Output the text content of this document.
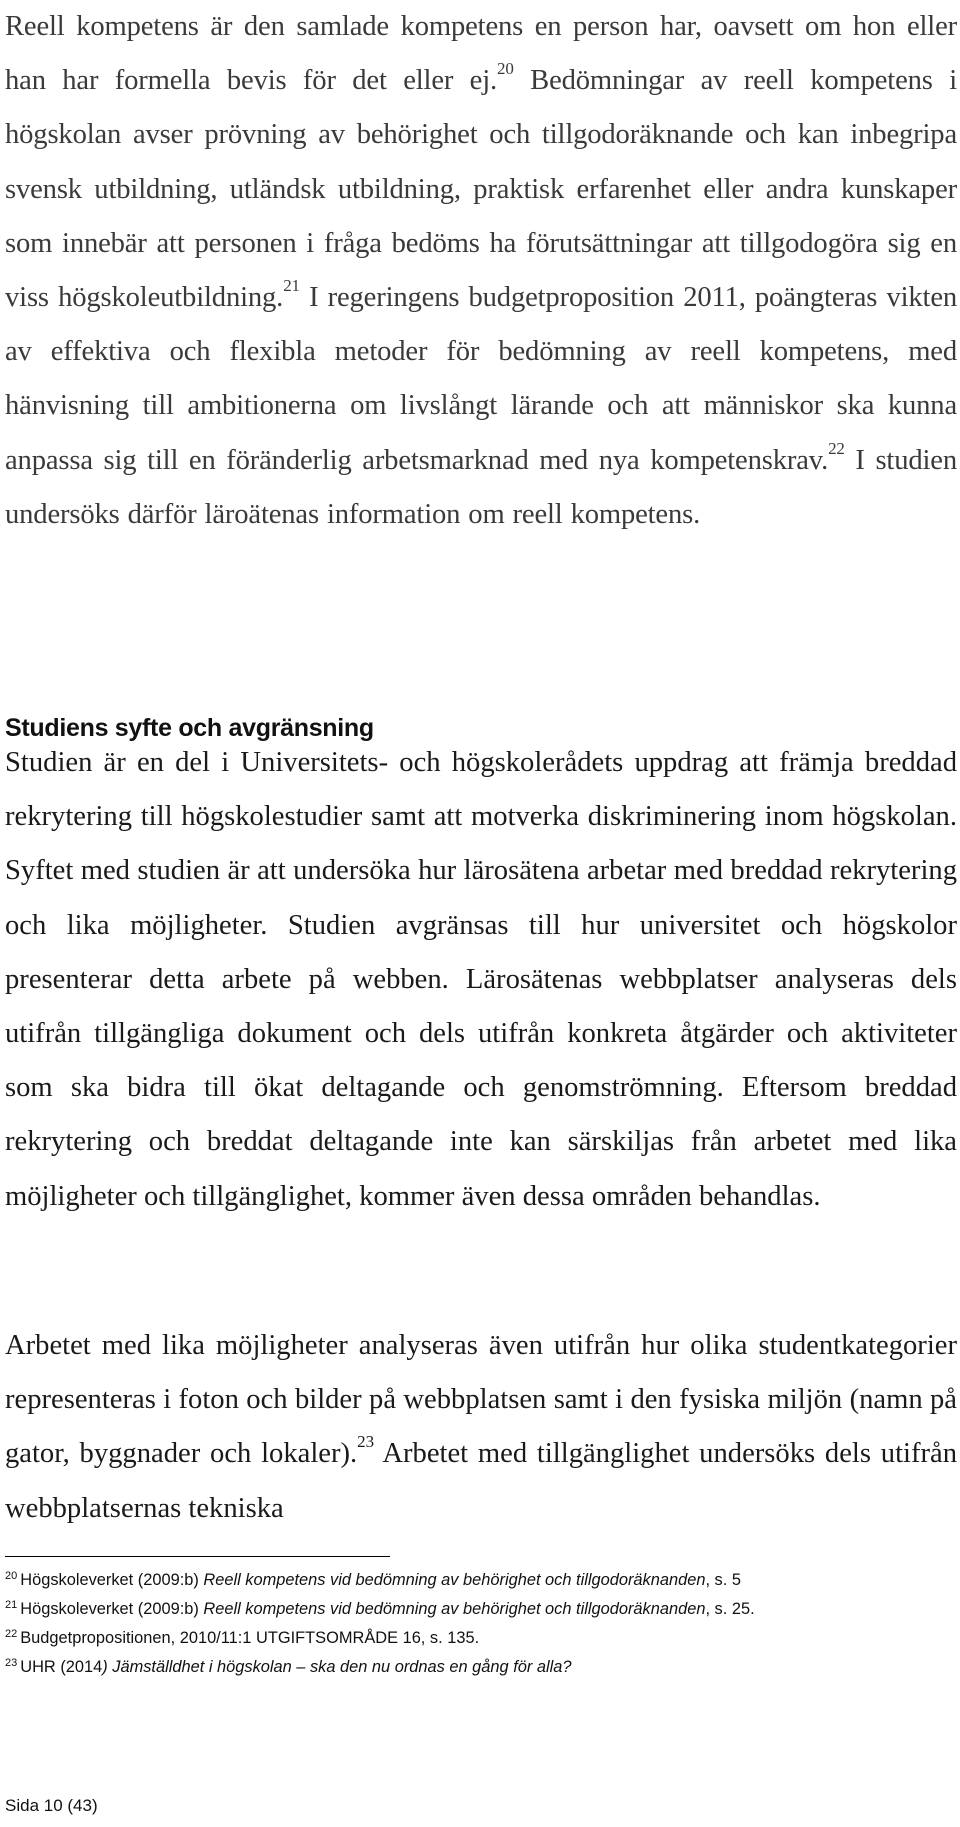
Reell kompetens är den samlade kompetens en person har, oavsett om hon eller han har formella bevis för det eller ej.$^{20}$ Bedömningar av reell kompetens i högskolan avser prövning av behörighet och tillgodoräknande och kan inbegripa svensk utbildning, utländsk utbildning, praktisk erfarenhet eller andra kunskaper som innebär att personen i fråga bedöms ha förutsättningar att tillgodogöra sig en viss högskoleutbildning.$^{21}$ I regeringens budgetproposition 2011, poängteras vikten av effektiva och flexibla metoder för bedömning av reell kompetens, med hänvisning till ambitionerna om livslångt lärande och att människor ska kunna anpassa sig till en föränderlig arbetsmarknad med nya kompetenskrav.$^{22}$ I studien undersöks därför läroätenas information om reell kompetens.

Studiens syfte och avgränsning

Studien är en del i Universitets- och högskolerådets uppdrag att främja breddad rekrytering till högskolestudier samt att motverka diskriminering inom högskolan. Syftet med studien är att undersöka hur lärosätena arbetar med breddad rekrytering och lika möjligheter. Studien avgränsas till hur universitet och högskolor presenterar detta arbete på webben. Lärosätenas webbplatser analyseras dels utifrån tillgängliga dokument och dels utifrån konkreta åtgärder och aktiviteter som ska bidra till ökat deltagande och genomströmning. Eftersom breddad rekrytering och breddat deltagande inte kan särskiljas från arbetet med lika möjligheter och tillgänglighet, kommer även dessa områden behandlas.

Arbetet med lika möjligheter analyseras även utifrån hur olika studentkategorier representeras i foton och bilder på webbplatsen samt i den fysiska miljön (namn på gator, byggnader och lokaler).$^{23}$ Arbetet med tillgänglighet undersöks dels utifrån webbplatsernas tekniska

$^{20}$ Högskoleverket (2009:b) Reell kompetens vid bedömning av behörighet och tillgodoräknanden, s. 5
$^{21}$ Högskoleverket (2009:b) Reell kompetens vid bedömning av behörighet och tillgodoräknanden, s. 25.
$^{22}$ Budgetpropositionen, 2010/11:1 UTGIFTSOMRÅDE 16, s. 135.
$^{23}$ UHR (2014) Jämställdhet i högskolan – ska den nu ordnas en gång för alla?
Sida 10 (43)
